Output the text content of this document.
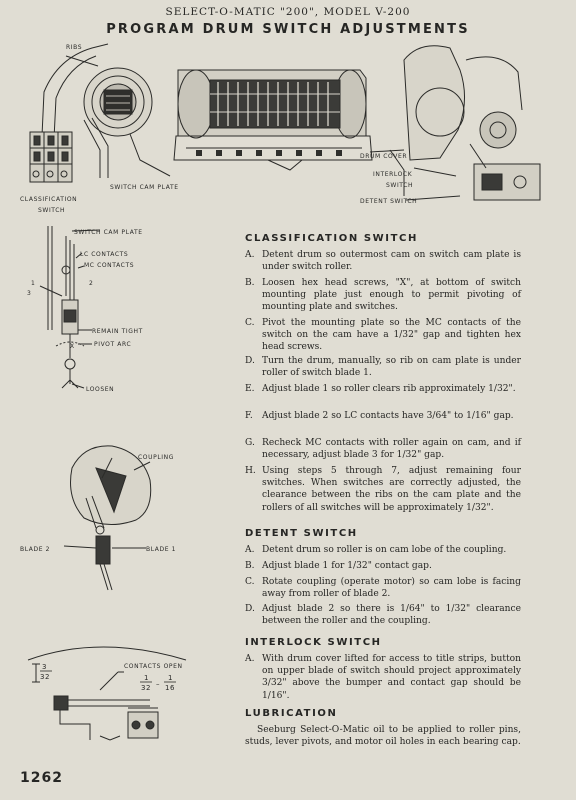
SELECT-O-MATIC "200", MODEL V-200
PROGRAM DRUM SWITCH ADJUSTMENTS
RIBS
SWITCH CAM PLATE
CLASSIFICATION
SWITCH
DRUM COVER
INTERLOCK
SWITCH
DETENT SWITCH
SWITCH CAM PLATE
LC CONTACTS
MC CONTACTS
1	2
3
X
REMAIN TIGHT
PIVOT ARC
LOOSEN
COUPLING
BLADE 2	BLADE 1
3
32
CONTACTS OPEN
1
32 –
1
16
CLASSIFICATION SWITCH
A. Detent drum so outermost cam on switch cam plate is under switch roller.
B. Loosen hex head screws, "X", at bottom of switch mounting plate just enough to permit pivoting of mounting plate and switches.
C. Pivot the mounting plate so the MC contacts of the switch on the cam have a 1/32" gap and tighten hex head screws.
D. Turn the drum, manually, so rib on cam plate is under roller of switch blade 1.
E. Adjust blade 1 so roller clears rib approximately 1/32".
F. Adjust blade 2 so LC contacts have 3/64" to 1/16" gap.
G. Recheck MC contacts with roller again on cam, and if necessary, adjust blade 3 for 1/32" gap.
H. Using steps 5 through 7, adjust remaining four switches. When switches are correctly adjusted, the clearance between the ribs on the cam plate and the rollers of all switches will be approximately 1/32".
DETENT SWITCH
A. Detent drum so roller is on cam lobe of the coupling.
B. Adjust blade 1 for 1/32" contact gap.
C. Rotate coupling (operate motor) so cam lobe is facing away from roller of blade 2.
D. Adjust blade 2 so there is 1/64" to 1/32" clearance between the roller and the coupling.
INTERLOCK SWITCH
A. With drum cover lifted for access to title strips, button on upper blade of switch should project approximately 3/32" above the bumper and contact gap should be 1/16".
LUBRICATION
Seeburg Select-O-Matic oil to be applied to roller pins, studs, lever pivots, and motor oil holes in each bearing cap.
1262
